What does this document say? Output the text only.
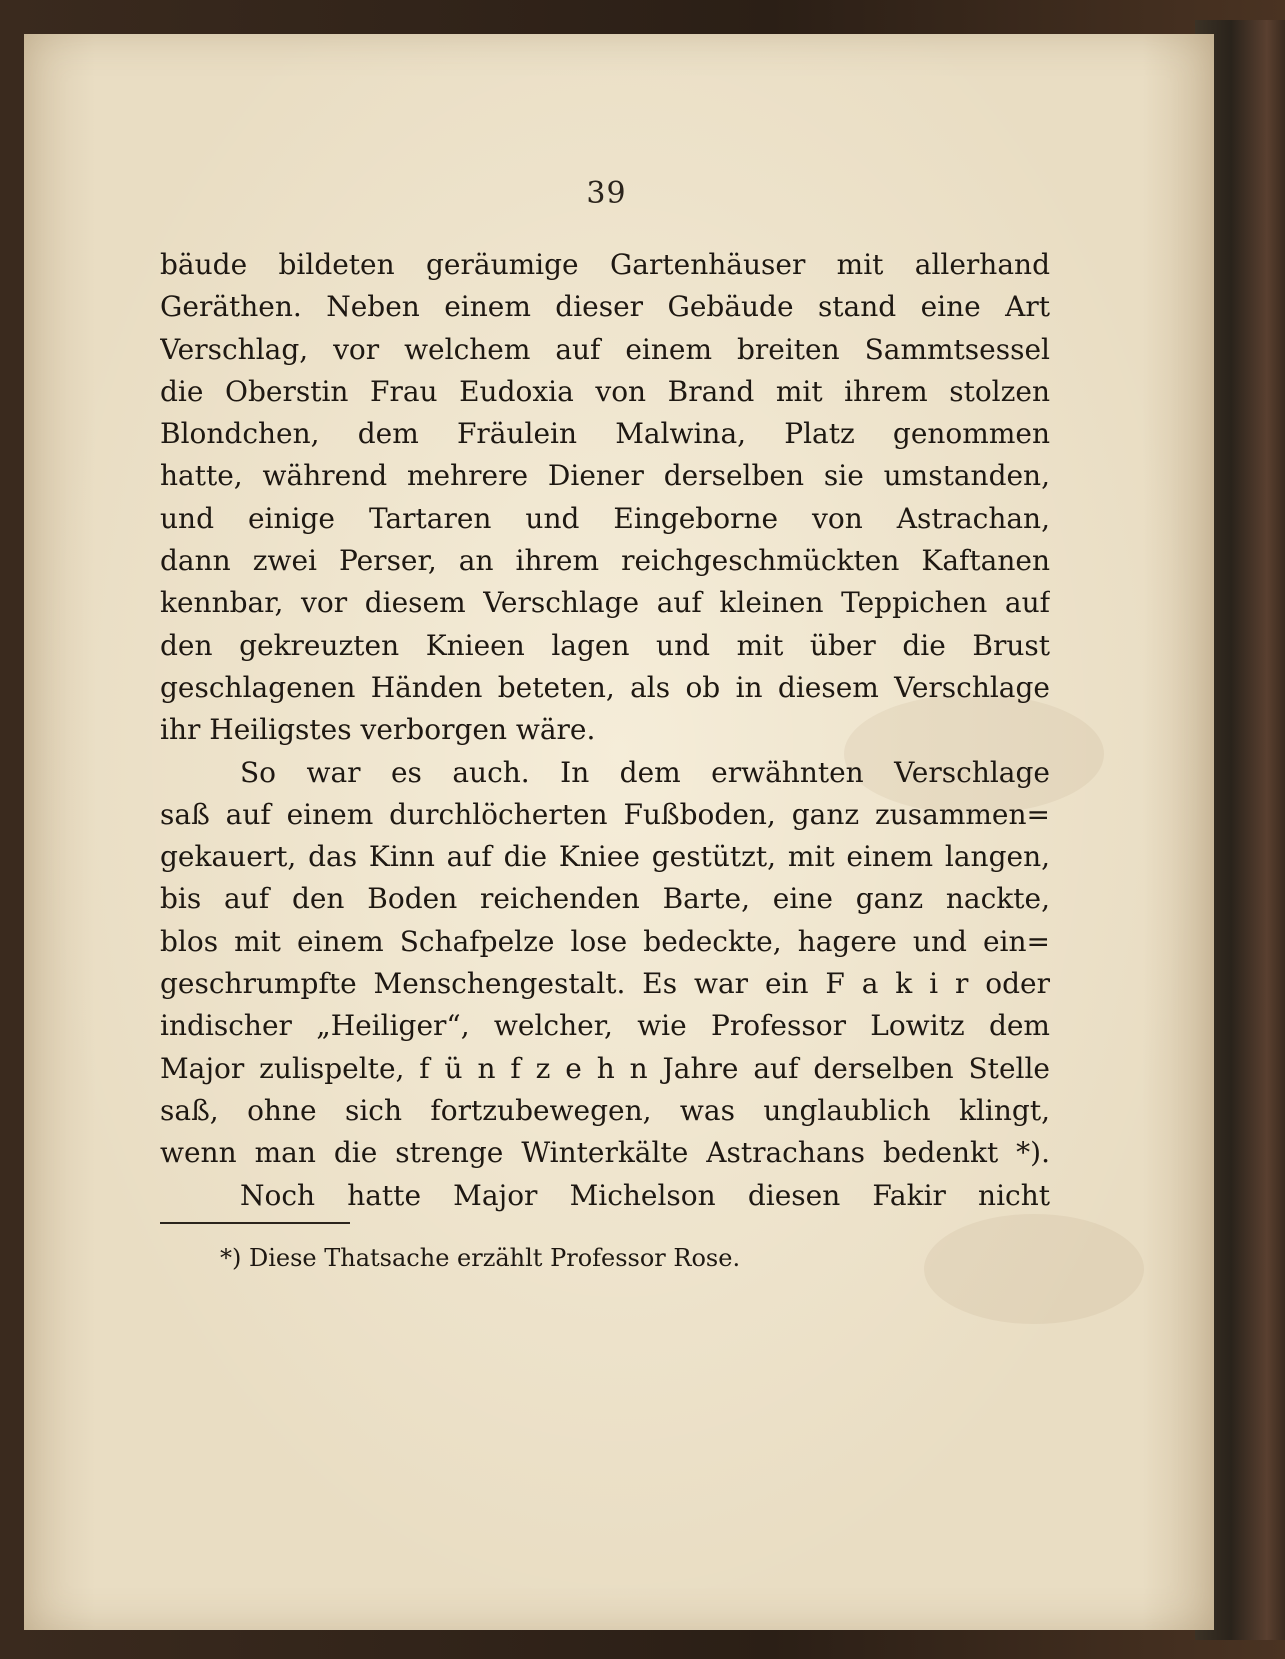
39
bäude bildeten geräumige Gartenhäuser mit allerhand
Geräthen. Neben einem dieser Gebäude stand eine Art
Verschlag, vor welchem auf einem breiten Sammtsessel
die Oberstin Frau Eudoxia von Brand mit ihrem stolzen
Blondchen, dem Fräulein Malwina, Platz genommen
hatte, während mehrere Diener derselben sie umstanden,
und einige Tartaren und Eingeborne von Astrachan,
dann zwei Perser, an ihrem reichgeschmückten Kaftanen
kennbar, vor diesem Verschlage auf kleinen Teppichen auf
den gekreuzten Knieen lagen und mit über die Brust
geschlagenen Händen beteten, als ob in diesem Verschlage
ihr Heiligstes verborgen wäre.
So war es auch. In dem erwähnten Verschlage
saß auf einem durchlöcherten Fußboden, ganz zusammen=
gekauert, das Kinn auf die Kniee gestützt, mit einem langen,
bis auf den Boden reichenden Barte, eine ganz nackte,
blos mit einem Schafpelze lose bedeckte, hagere und ein=
geschrumpfte Menschengestalt. Es war ein F a k i r oder
indischer „Heiliger“, welcher, wie Professor Lowitz dem
Major zulispelte, f ü n f z e h n Jahre auf derselben Stelle
saß, ohne sich fortzubewegen, was unglaublich klingt,
wenn man die strenge Winterkälte Astrachans bedenkt *).
Noch hatte Major Michelson diesen Fakir nicht
*) Diese Thatsache erzählt Professor Rose.
